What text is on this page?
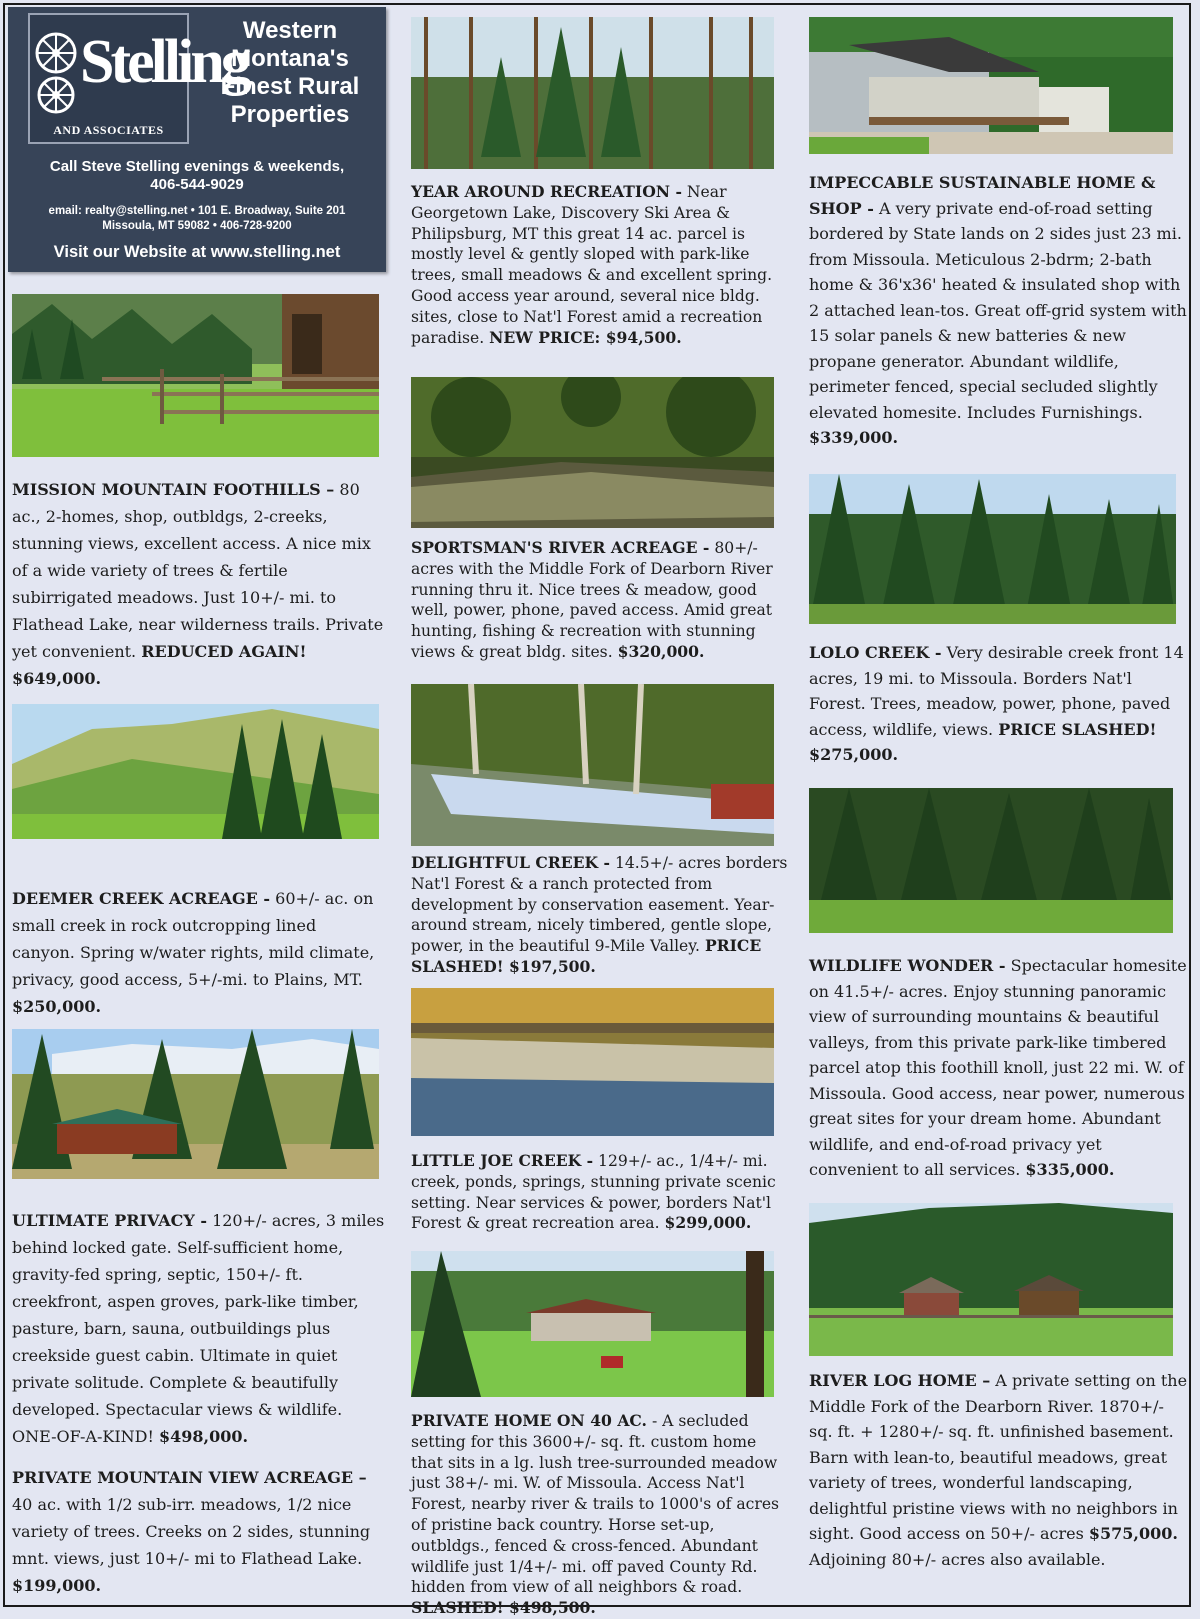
Stelling
AND ASSOCIATES
Western Montana's Finest Rural Properties
Call Steve Stelling evenings & weekends,
406-544-9029
email: realty@stelling.net • 101 E. Broadway, Suite 201
Missoula, MT 59082 • 406-728-9200
Visit our Website at www.stelling.net
MISSION MOUNTAIN FOOTHILLS – 80 ac., 2-homes, shop, outbldgs, 2-creeks, stunning views, excellent access. A nice mix of a wide variety of trees & fertile subirrigated meadows. Just 10+/- mi. to Flathead Lake, near wilderness trails. Private yet convenient. REDUCED AGAIN! $649,000.
DEEMER CREEK ACREAGE - 60+/- ac. on small creek in rock outcropping lined canyon. Spring w/water rights, mild climate, privacy, good access, 5+/-mi. to Plains, MT. $250,000.
ULTIMATE PRIVACY - 120+/- acres, 3 miles behind locked gate. Self-sufficient home, gravity-fed spring, septic, 150+/- ft. creekfront, aspen groves, park-like timber, pasture, barn, sauna, outbuildings plus creekside guest cabin. Ultimate in quiet private solitude. Complete & beautifully developed. Spectacular views & wildlife. ONE-OF-A-KIND! $498,000.
PRIVATE MOUNTAIN VIEW ACREAGE – 40 ac. with 1/2 sub-irr. meadows, 1/2 nice variety of trees. Creeks on 2 sides, stunning mnt. views, just 10+/- mi to Flathead Lake. $199,000.
YEAR AROUND RECREATION - Near Georgetown Lake, Discovery Ski Area & Philipsburg, MT this great 14 ac. parcel is mostly level & gently sloped with park-like trees, small meadows & and excellent spring. Good access year around, several nice bldg. sites, close to Nat'l Forest amid a recreation paradise. NEW PRICE: $94,500.
SPORTSMAN'S RIVER ACREAGE - 80+/- acres with the Middle Fork of Dearborn River running thru it. Nice trees & meadow, good well, power, phone, paved access. Amid great hunting, fishing & recreation with stunning views & great bldg. sites. $320,000.
DELIGHTFUL CREEK - 14.5+/- acres borders Nat'l Forest & a ranch protected from development by conservation easement. Year-around stream, nicely timbered, gentle slope, power, in the beautiful 9-Mile Valley. PRICE SLASHED! $197,500.
LITTLE JOE CREEK - 129+/- ac., 1/4+/- mi. creek, ponds, springs, stunning private scenic setting. Near services & power, borders Nat'l Forest & great recreation area. $299,000.
PRIVATE HOME ON 40 AC. - A secluded setting for this 3600+/- sq. ft. custom home that sits in a lg. lush tree-surrounded meadow just 38+/- mi. W. of Missoula. Access Nat'l Forest, nearby river & trails to 1000's of acres of pristine back country. Horse set-up, outbldgs., fenced & cross-fenced. Abundant wildlife just 1/4+/- mi. off paved County Rd. hidden from view of all neighbors & road. SLASHED! $498,500.
IMPECCABLE SUSTAINABLE HOME & SHOP - A very private end-of-road setting bordered by State lands on 2 sides just 23 mi. from Missoula. Meticulous 2-bdrm; 2-bath home & 36'x36' heated & insulated shop with 2 attached lean-tos. Great off-grid system with 15 solar panels & new batteries & new propane generator. Abundant wildlife, perimeter fenced, special secluded slightly elevated homesite. Includes Furnishings. $339,000.
LOLO CREEK - Very desirable creek front 14 acres, 19 mi. to Missoula. Borders Nat'l Forest. Trees, meadow, power, phone, paved access, wildlife, views. PRICE SLASHED! $275,000.
WILDLIFE WONDER - Spectacular homesite on 41.5+/- acres. Enjoy stunning panoramic view of surrounding mountains & beautiful valleys, from this private park-like timbered parcel atop this foothill knoll, just 22 mi. W. of Missoula. Good access, near power, numerous great sites for your dream home. Abundant wildlife, and end-of-road privacy yet convenient to all services. $335,000.
RIVER LOG HOME – A private setting on the Middle Fork of the Dearborn River. 1870+/- sq. ft. + 1280+/- sq. ft. unfinished basement. Barn with lean-to, beautiful meadows, great variety of trees, wonderful landscaping, delightful pristine views with no neighbors in sight. Good access on 50+/- acres $575,000. Adjoining 80+/- acres also available.
